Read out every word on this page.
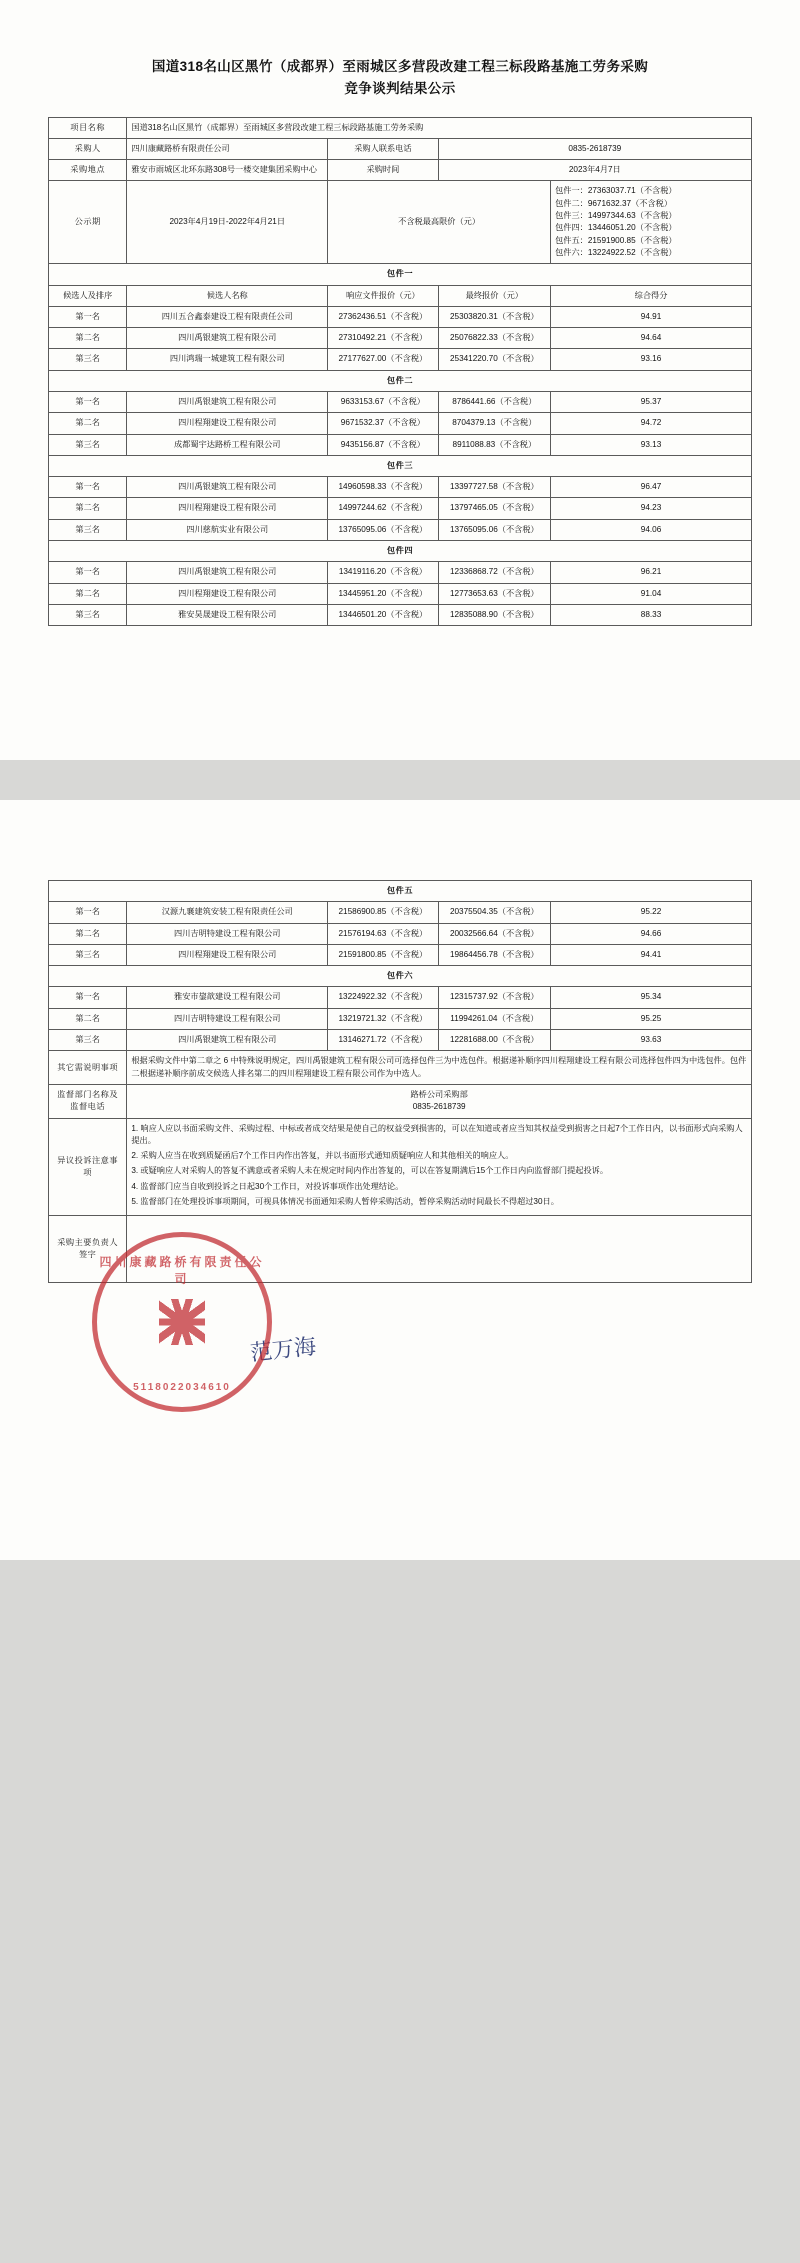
国道318名山区黑竹（成都界）至雨城区多营段改建工程三标段路基施工劳务采购
竞争谈判结果公示
项目名称	国道318名山区黑竹（成都界）至雨城区多营段改建工程三标段路基施工劳务采购			
采购人	四川康藏路桥有限责任公司	采购人联系电话	0835-2618739	
采购地点	雅安市雨城区北环东路308号一楼交建集团采购中心	采购时间	2023年4月7日	
公示期	2023年4月19日-2022年4月21日	不含税最高限价（元）	
包件一：27363037.71（不含税）
包件二：9671632.37（不含税）
包件三：14997344.63（不含税）
包件四：13446051.20（不含税）
包件五：21591900.85（不含税）
包件六：13224922.52（不含税）

包件一				
候选人及排序	候选人名称	响应文件报价（元）	最终报价（元）	综合得分
第一名	四川五合鑫泰建设工程有限责任公司	27362436.51（不含税）	25303820.31（不含税）	94.91
第二名	四川禹银建筑工程有限公司	27310492.21（不含税）	25076822.33（不含税）	94.64
第三名	四川鸿瑞一城建筑工程有限公司	27177627.00（不含税）	25341220.70（不含税）	93.16
包件二				
第一名	四川禹银建筑工程有限公司	9633153.67（不含税）	8786441.66（不含税）	95.37
第二名	四川程翔建设工程有限公司	9671532.37（不含税）	8704379.13（不含税）	94.72
第三名	成都蜀宇达路桥工程有限公司	9435156.87（不含税）	8911088.83（不含税）	93.13
包件三				
第一名	四川禹银建筑工程有限公司	14960598.33（不含税）	13397727.58（不含税）	96.47
第二名	四川程翔建设工程有限公司	14997244.62（不含税）	13797465.05（不含税）	94.23
第三名	四川慈航实业有限公司	13765095.06（不含税）	13765095.06（不含税）	94.06
包件四				
第一名	四川禹银建筑工程有限公司	13419116.20（不含税）	12336868.72（不含税）	96.21
第二名	四川程翔建设工程有限公司	13445951.20（不含税）	12773653.63（不含税）	91.04
第三名	雅安昊晟建设工程有限公司	13446501.20（不含税）	12835088.90（不含税）	88.33
包件五				
第一名	汉源九襄建筑安装工程有限责任公司	21586900.85（不含税）	20375504.35（不含税）	95.22
第二名	四川吉明特建设工程有限公司	21576194.63（不含税）	20032566.64（不含税）	94.66
第三名	四川程翔建设工程有限公司	21591800.85（不含税）	19864456.78（不含税）	94.41
包件六				
第一名	雅安市鋆歆建设工程有限公司	13224922.32（不含税）	12315737.92（不含税）	95.34
第二名	四川吉明特建设工程有限公司	13219721.32（不含税）	11994261.04（不含税）	95.25
第三名	四川禹银建筑工程有限公司	13146271.72（不含税）	12281688.00（不含税）	93.63
其它需说明事项	根据采购文件中第二章之 6 中特殊说明规定，四川禹银建筑工程有限公司可选择包件三为中选包件。根据递补顺序四川程翔建设工程有限公司选择包件四为中选包件。包件二根据递补顺序前成交候选人排名第二的四川程翔建设工程有限公司作为中选人。			
监督部门名称及监督电话	路桥公司采购部
0835-2618739			

异议投诉注意事项	1. 响应人应以书面采购文件、采购过程、中标或者成交结果是使自己的权益受到损害的，可以在知道或者应当知其权益受到损害之日起7个工作日内，以书面形式向采购人提出。

2. 采购人应当在收到质疑函后7个工作日内作出答复，并以书面形式通知质疑响应人和其他相关的响应人。

3. 或疑响应人对采购人的答复不满意或者采购人未在规定时间内作出答复的，可以在答复期满后15个工作日内向监督部门提起投诉。

4. 监督部门应当自收到投诉之日起30个工作日，对投诉事项作出处理结论。

5. 监督部门在处理投诉事项期间，可视具体情况书面通知采购人暂停采购活动，暂停采购活动时间最长不得超过30日。			

采购主要负责人签字				
范万海
四川康藏路桥有限责任公司
5118022034610
